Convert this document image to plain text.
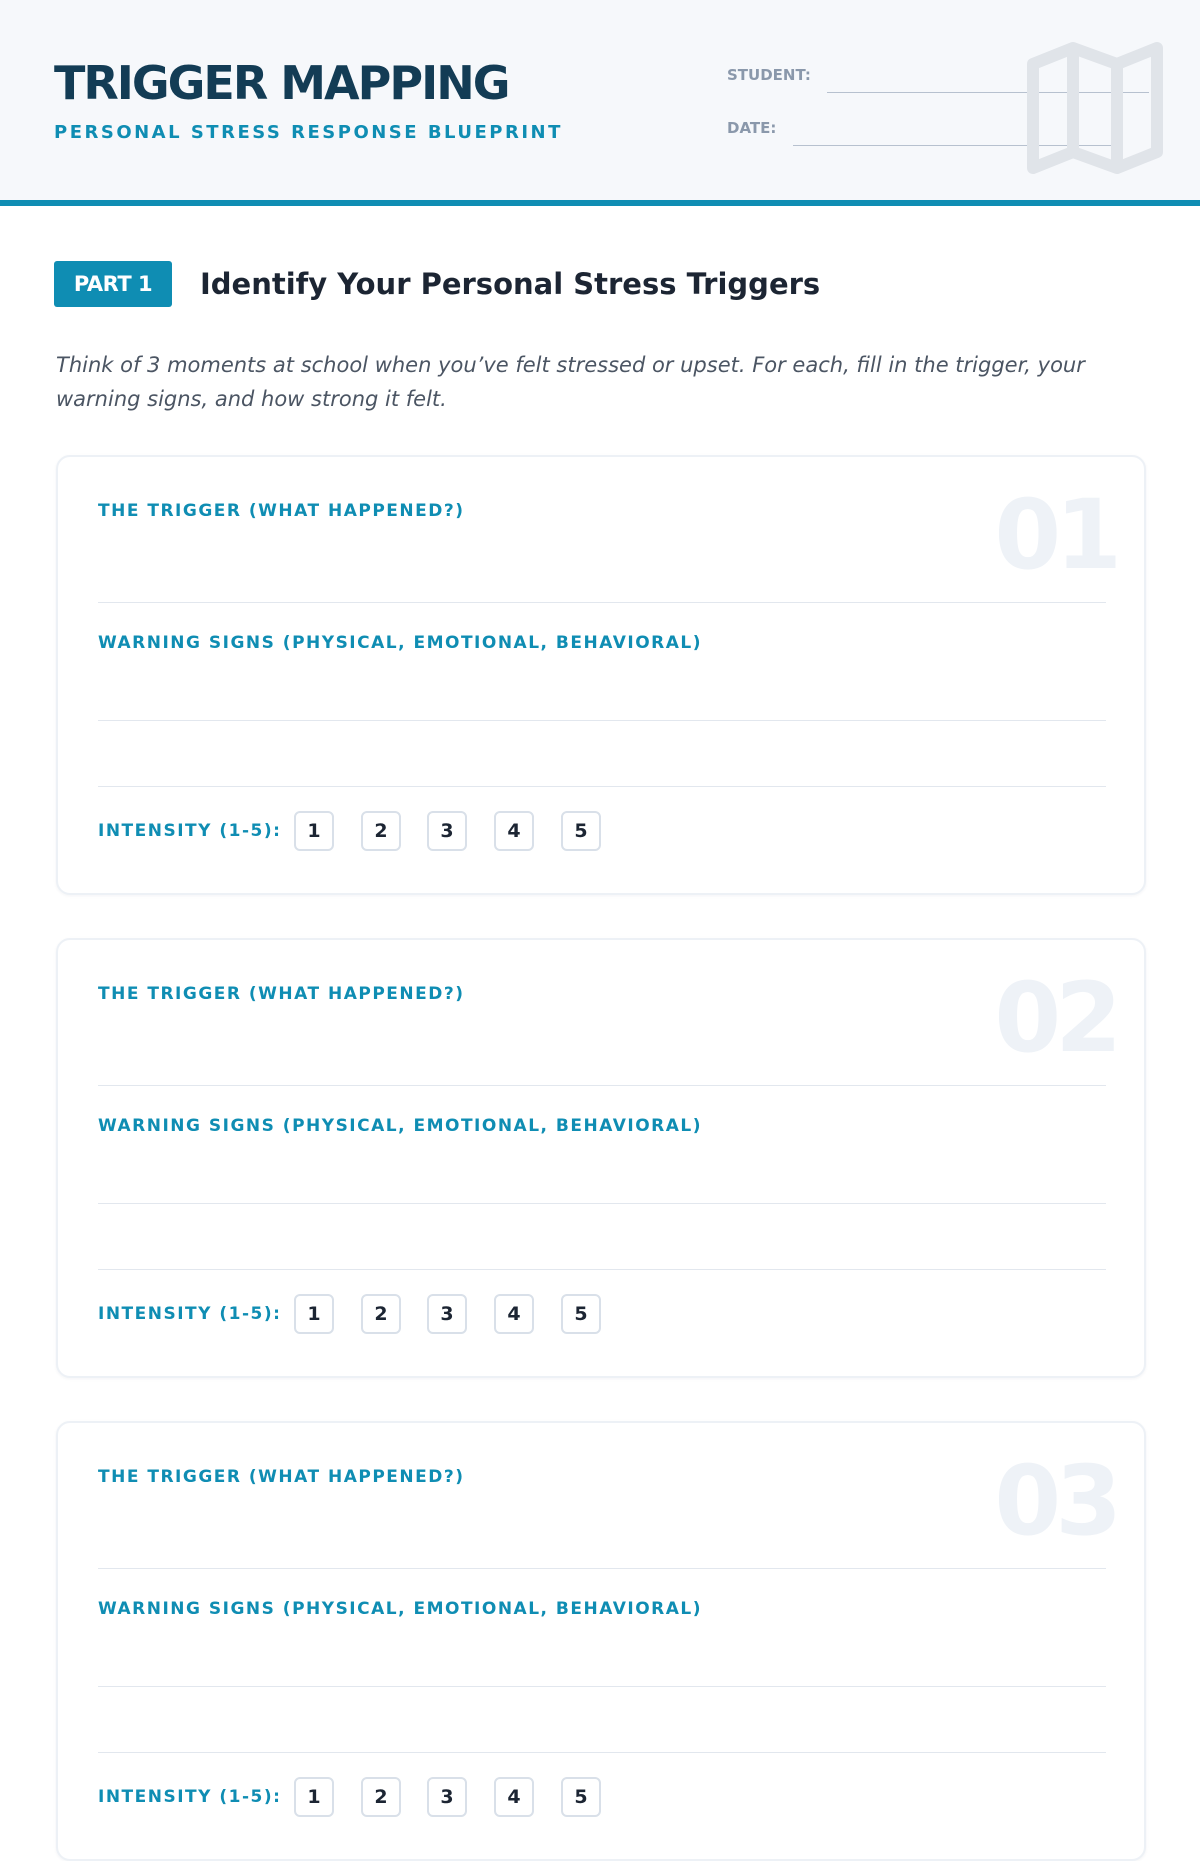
TRIGGER MAPPING
PERSONAL STRESS RESPONSE BLUEPRINT
STUDENT:
DATE:
PART 1	Identify Your Personal Stress Triggers
Think of 3 moments at school when you’ve felt stressed or upset. For each, fill in the trigger, your warning signs, and how strong it felt.
01
THE TRIGGER (WHAT HAPPENED?)
WARNING SIGNS (PHYSICAL, EMOTIONAL, BEHAVIORAL)
INTENSITY (1-5):	1	2	3	4	5
02
THE TRIGGER (WHAT HAPPENED?)
WARNING SIGNS (PHYSICAL, EMOTIONAL, BEHAVIORAL)
INTENSITY (1-5):	1	2	3	4	5
03
THE TRIGGER (WHAT HAPPENED?)
WARNING SIGNS (PHYSICAL, EMOTIONAL, BEHAVIORAL)
INTENSITY (1-5):	1	2	3	4	5
